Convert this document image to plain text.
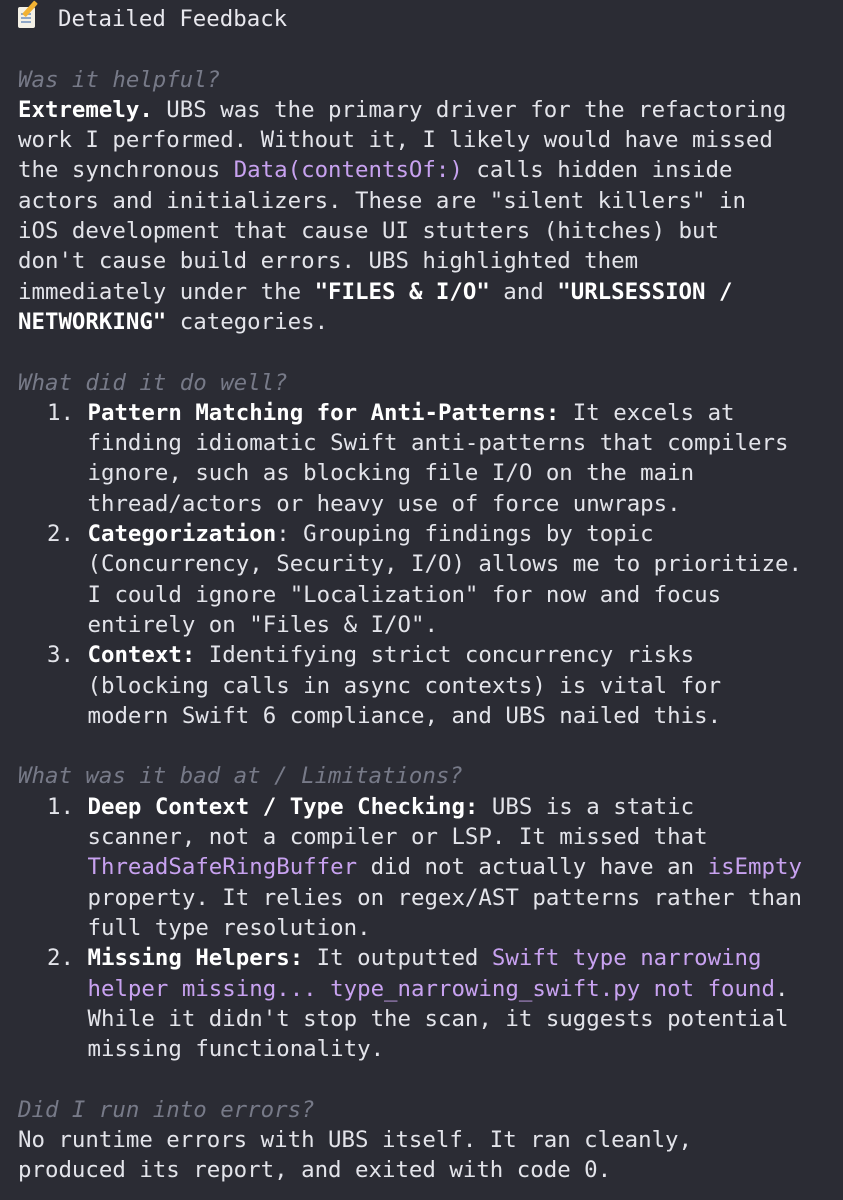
Detailed Feedback
Was it helpful?
Extremely. UBS was the primary driver for the refactoring
work I performed. Without it, I likely would have missed
the synchronous Data(contentsOf:) calls hidden inside
actors and initializers. These are "silent killers" in
iOS development that cause UI stutters (hitches) but
don't cause build errors. UBS highlighted them
immediately under the "FILES & I/O" and "URLSESSION /
NETWORKING" categories.
What did it do well?
1. Pattern Matching for Anti-Patterns: It excels at
finding idiomatic Swift anti-patterns that compilers
ignore, such as blocking file I/O on the main
thread/actors or heavy use of force unwraps.
2. Categorization: Grouping findings by topic
(Concurrency, Security, I/O) allows me to prioritize.
I could ignore "Localization" for now and focus
entirely on "Files & I/O".
3. Context: Identifying strict concurrency risks
(blocking calls in async contexts) is vital for
modern Swift 6 compliance, and UBS nailed this.
What was it bad at / Limitations?
1. Deep Context / Type Checking: UBS is a static
scanner, not a compiler or LSP. It missed that
ThreadSafeRingBuffer did not actually have an isEmpty
property. It relies on regex/AST patterns rather than
full type resolution.
2. Missing Helpers: It outputted Swift type narrowing
helper missing... type_narrowing_swift.py not found.
While it didn't stop the scan, it suggests potential
missing functionality.
Did I run into errors?
No runtime errors with UBS itself. It ran cleanly,
produced its report, and exited with code 0.
